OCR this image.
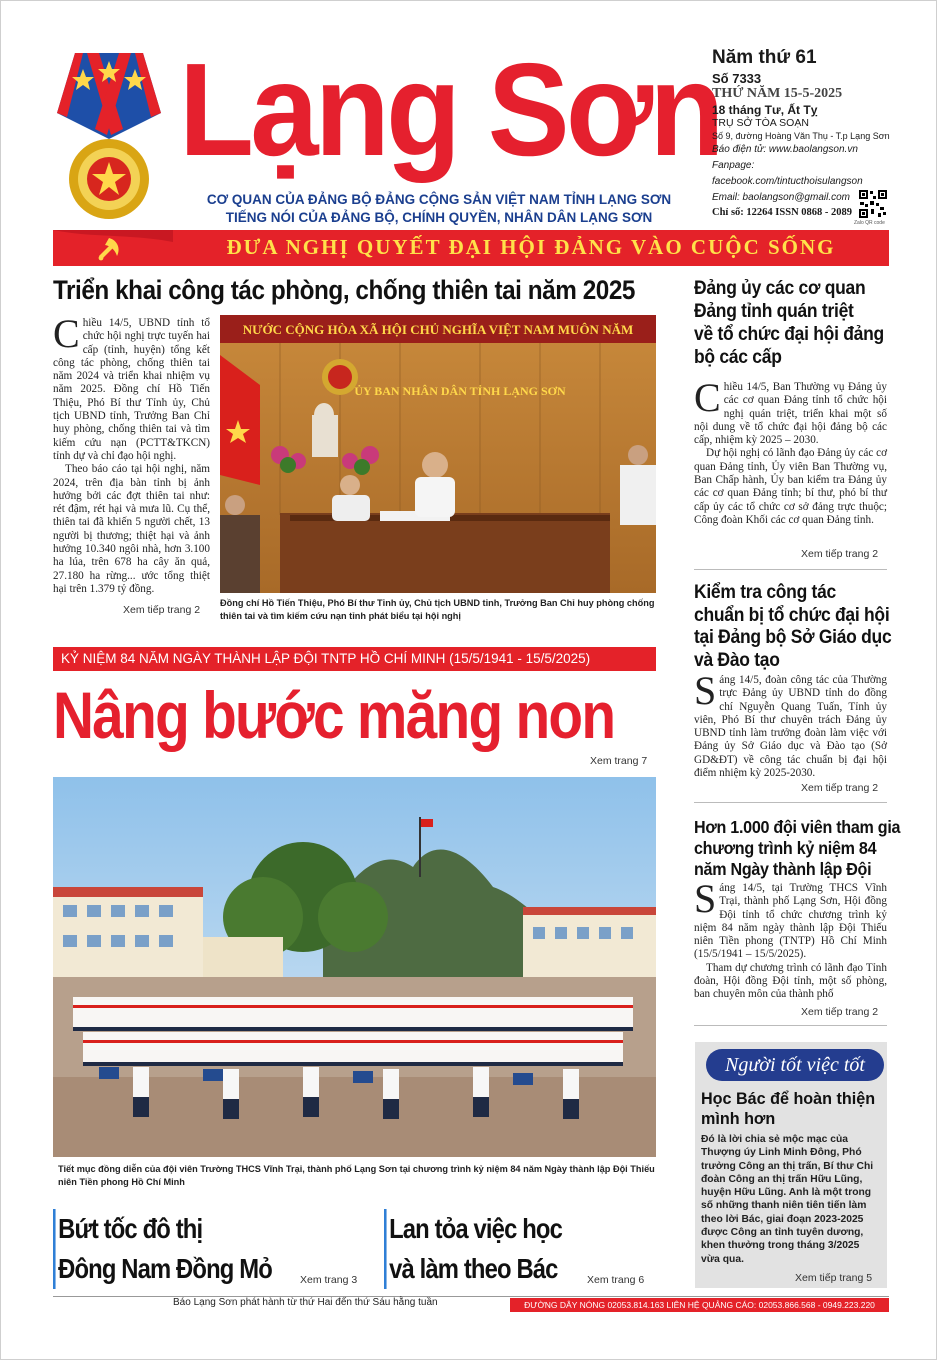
Lạng Sơn
CƠ QUAN CỦA ĐẢNG BỘ ĐẢNG CỘNG SẢN VIỆT NAM TỈNH LẠNG SƠN
TIẾNG NÓI CỦA ĐẢNG BỘ, CHÍNH QUYỀN, NHÂN DÂN LẠNG SƠN
Năm thứ 61
Số 7333
THỨ NĂM 15-5-2025
18 tháng Tư, Ất Tỵ
TRỤ SỞ TÒA SOẠN
Số 9, đường Hoàng Văn Thụ - T.p Lạng Sơn
Báo điện tử: www.baolangson.vn
Fanpage: facebook.com/tintucthoisulangson
Email: baolangson@gmail.com
Chỉ số: 12264 ISSN 0868 - 2089
Zalo QR code
ĐƯA NGHỊ QUYẾT ĐẠI HỘI ĐẢNG VÀO CUỘC SỐNG
Triển khai công tác phòng, chống thiên tai năm 2025
C hiều 14/5, UBND tỉnh tổ chức hội nghị trực tuyến hai cấp (tỉnh, huyện) tổng kết công tác phòng, chống thiên tai năm 2024 và triển khai nhiệm vụ năm 2025. Đồng chí Hồ Tiến Thiệu, Phó Bí thư Tỉnh ủy, Chủ tịch UBND tỉnh, Trưởng Ban Chỉ huy phòng, chống thiên tai và tìm kiếm cứu nạn (PCTT&TKCN) tỉnh dự và chỉ đạo hội nghị.

Theo báo cáo tại hội nghị, năm 2024, trên địa bàn tỉnh bị ảnh hưởng bởi các đợt thiên tai như: rét đậm, rét hại và mưa lũ. Cụ thể, thiên tai đã khiến 5 người chết, 13 người bị thương; thiệt hại và ảnh hưởng 10.340 ngôi nhà, hơn 3.100 ha lúa, trên 678 ha cây ăn quả, 27.180 ha rừng... ước tổng thiệt hại trên 1.379 tỷ đồng.

Xem tiếp trang 2
NƯỚC CỘNG HÒA XÃ HỘI CHỦ NGHĨA VIỆT NAM MUÔN NĂM
ỦY BAN NHÂN DÂN TỈNH LẠNG SƠN
Đồng chí Hồ Tiến Thiệu, Phó Bí thư Tỉnh ủy, Chủ tịch UBND tỉnh, Trưởng Ban Chỉ huy phòng chống thiên tai và tìm kiếm cứu nạn tỉnh phát biểu tại hội nghị
KỶ NIỆM 84 NĂM NGÀY THÀNH LẬP ĐỘI TNTP HỒ CHÍ MINH (15/5/1941 - 15/5/2025)
Nâng bước măng non
Xem trang 7
Tiết mục đồng diễn của đội viên Trường THCS Vĩnh Trại, thành phố Lạng Sơn tại chương trình kỷ niệm 84 năm Ngày thành lập Đội Thiếu niên Tiền phong Hồ Chí Minh
Bứt tốc đô thị
Đông Nam Đồng Mỏ	Xem trang 3
Lan tỏa việc học
và làm theo Bác	Xem trang 6
Đảng ủy các cơ quan
Đảng tỉnh quán triệt
về tổ chức đại hội đảng
bộ các cấp
C hiều 14/5, Ban Thường vụ Đảng ủy các cơ quan Đảng tỉnh tổ chức hội nghị quán triệt, triển khai một số nội dung về tổ chức đại hội đảng bộ các cấp, nhiệm kỳ 2025 – 2030.

Dự hội nghị có lãnh đạo Đảng ủy các cơ quan Đảng tỉnh, Ủy viên Ban Thường vụ, Ban Chấp hành, Ủy ban kiểm tra Đảng ủy các cơ quan Đảng tỉnh; bí thư, phó bí thư cấp ủy các tổ chức cơ sở đảng trực thuộc; Công đoàn Khối các cơ quan Đảng tỉnh.

Xem tiếp trang 2
Kiểm tra công tác
chuẩn bị tổ chức đại hội
tại Đảng bộ Sở Giáo dục
và Đào tạo
S áng 14/5, đoàn công tác của Thường trực Đảng ủy UBND tỉnh do đồng chí Nguyễn Quang Tuấn, Tỉnh ủy viên, Phó Bí thư chuyên trách Đảng ủy UBND tỉnh làm trưởng đoàn làm việc với Đảng ủy Sở Giáo dục và Đào tạo (Sở GD&ĐT) về công tác chuẩn bị đại hội điểm nhiệm kỳ 2025-2030.

Xem tiếp trang 2
Hơn 1.000 đội viên tham gia
chương trình kỷ niệm 84
năm Ngày thành lập Đội
S áng 14/5, tại Trường THCS Vĩnh Trại, thành phố Lạng Sơn, Hội đồng Đội tỉnh tổ chức chương trình kỷ niệm 84 năm ngày thành lập Đội Thiếu niên Tiền phong (TNTP) Hồ Chí Minh (15/5/1941 – 15/5/2025).

Tham dự chương trình có lãnh đạo Tỉnh đoàn, Hội đồng Đội tỉnh, một số phòng, ban chuyên môn của thành phố

Xem tiếp trang 2
Người tốt việc tốt
Học Bác để hoàn thiện
mình hơn
Đó là lời chia sẻ mộc mạc của Thượng úy Linh Minh Đông, Phó trưởng Công an thị trấn, Bí thư Chi đoàn Công an thị trấn Hữu Lũng, huyện Hữu Lũng. Anh là một trong số những thanh niên tiên tiến làm theo lời Bác, giai đoạn 2023-2025 được Công an tỉnh tuyên dương, khen thưởng trong tháng 3/2025 vừa qua.
Xem tiếp trang 5
Báo Lạng Sơn phát hành từ thứ Hai đến thứ Sáu hằng tuần	ĐƯỜNG DÂY NÓNG 02053.814.163 LIÊN HỆ QUẢNG CÁO: 02053.866.568 - 0949.223.220
